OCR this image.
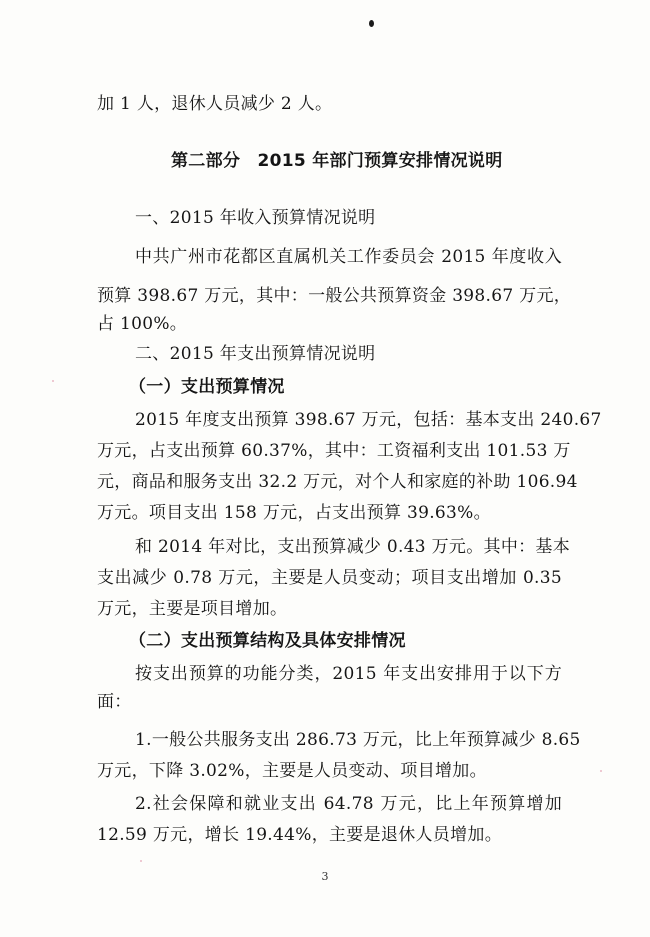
加 1 人，退休人员减少 2 人。
第二部分　2015 年部门预算安排情况说明
一、2015 年收入预算情况说明
中共广州市花都区直属机关工作委员会 2015 年度收入
预算 398.67 万元，其中：一般公共预算资金 398.67 万元，
占 100%。
二、2015 年支出预算情况说明
（一）支出预算情况
2015 年度支出预算 398.67 万元，包括：基本支出 240.67
万元，占支出预算 60.37%，其中：工资福利支出 101.53 万
元，商品和服务支出 32.2 万元，对个人和家庭的补助 106.94
万元。项目支出 158 万元，占支出预算 39.63%。
和 2014 年对比，支出预算减少 0.43 万元。其中：基本
支出减少 0.78 万元，主要是人员变动；项目支出增加 0.35
万元，主要是项目增加。
（二）支出预算结构及具体安排情况
按支出预算的功能分类，2015 年支出安排用于以下方
面：
1.一般公共服务支出 286.73 万元，比上年预算减少 8.65
万元，下降 3.02%，主要是人员变动、项目增加。
2.社会保障和就业支出 64.78 万元，比上年预算增加
12.59 万元，增长 19.44%，主要是退休人员增加。
3
